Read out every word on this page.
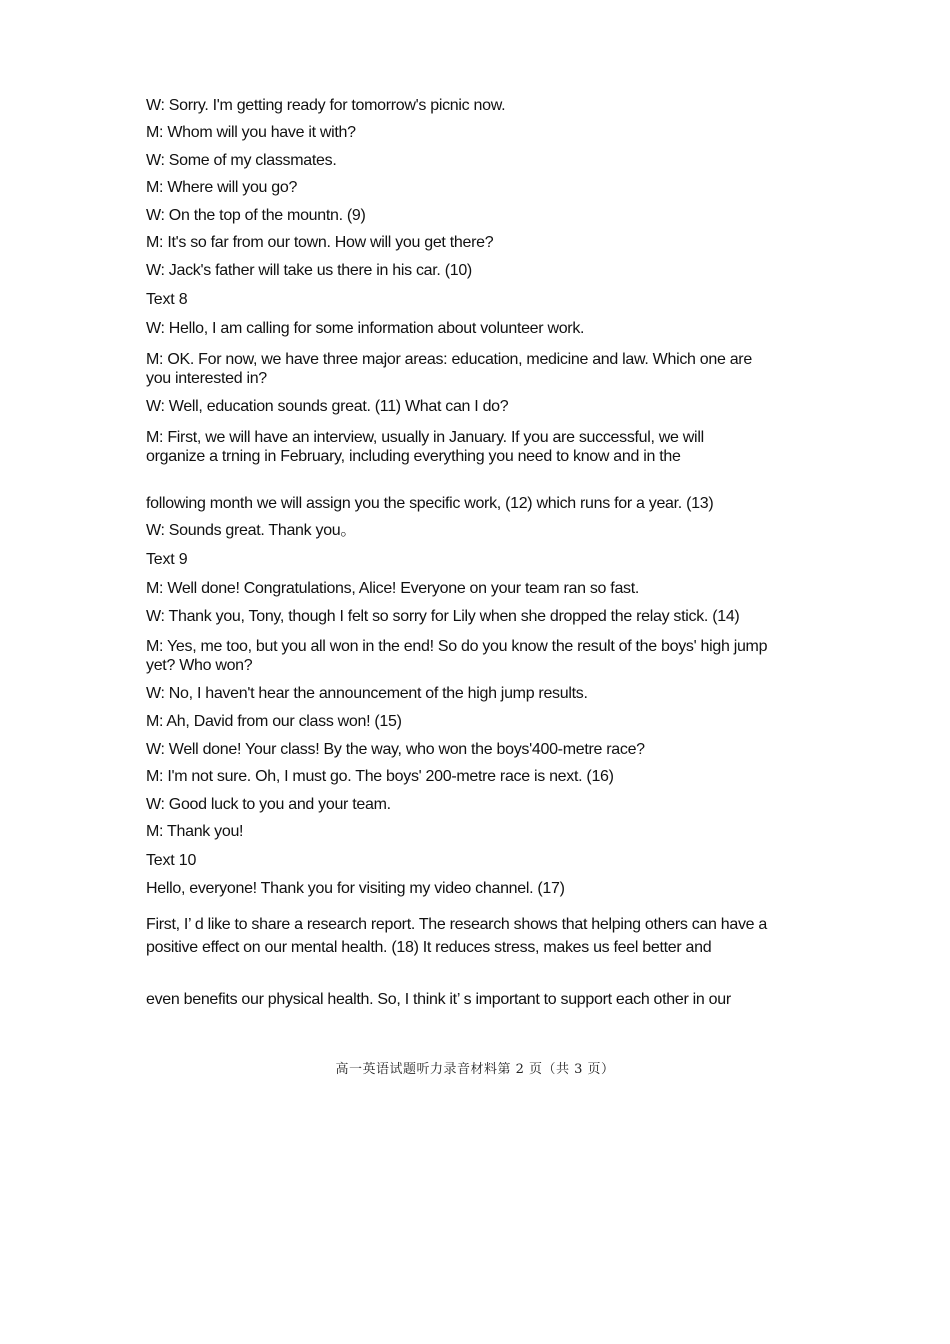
W: Sorry. I'm getting ready for tomorrow's picnic now.
M: Whom will you have it with?
W: Some of my classmates.
M: Where will you go?
W: On the top of the mountn. (9)
M: It's so far from our town. How will you get there?
W: Jack's father will take us there in his car. (10)
Text 8
W: Hello, I am calling for some information about volunteer work.
M: OK. For now, we have three major areas: education, medicine and law. Which one are you interested in?
W: Well, education sounds great. (11) What can I do?
M: First, we will have an interview, usually in January. If you are successful, we will organize a trning in February, including everything you need to know and in the
following month we will assign you the specific work, (12) which runs for a year. (13)
W: Sounds great. Thank you。
Text 9
M: Well done! Congratulations, Alice! Everyone on your team ran so fast.
W: Thank you, Tony, though I felt so sorry for Lily when she dropped the relay stick. (14)
M: Yes, me too, but you all won in the end! So do you know the result of the boys' high jump yet? Who won?
W: No, I haven't hear the announcement of the high jump results.
M: Ah, David from our class won! (15)
W: Well done! Your class! By the way, who won the boys'400-metre race?
M: I'm not sure. Oh, I must go. The boys' 200-metre race is next. (16)
W: Good luck to you and your team.
M: Thank you!
Text 10
Hello, everyone! Thank you for visiting my video channel. (17)
First, I’ d like to share a research report. The research shows that helping others can have a positive effect on our mental health. (18) It reduces stress, makes us feel better and
even benefits our physical health. So, I think it’ s important to support each other in our
高一英语试题听力录音材料第 2 页（共 3 页）
